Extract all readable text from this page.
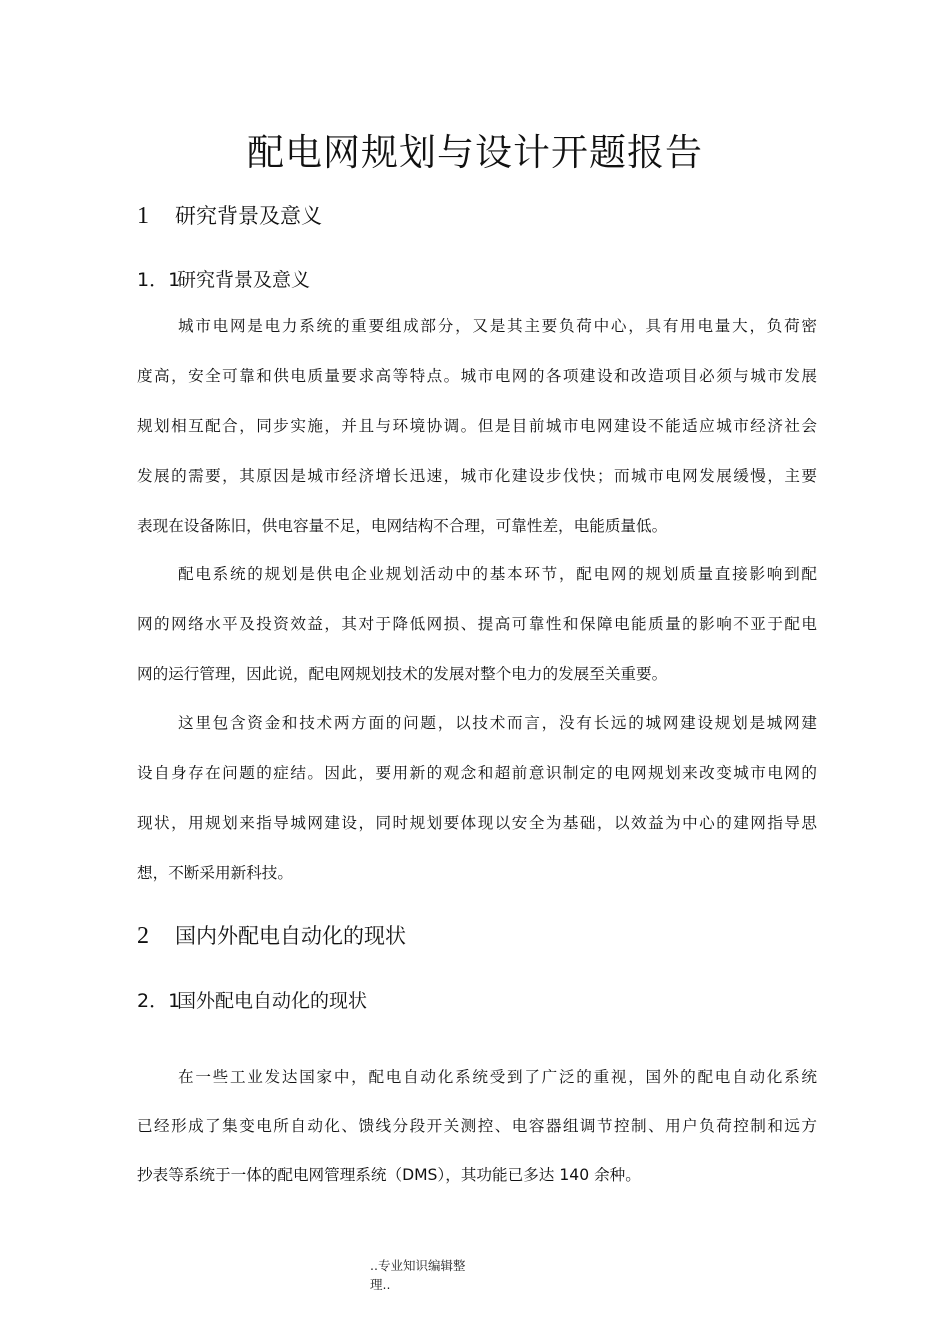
配电网规划与设计开题报告
1 研究背景及意义
1．1研究背景及意义
城市电网是电力系统的重要组成部分，又是其主要负荷中心，具有用电量大，负荷密
度高，安全可靠和供电质量要求高等特点。城市电网的各项建设和改造项目必须与城市发展
规划相互配合，同步实施，并且与环境协调。但是目前城市电网建设不能适应城市经济社会
发展的需要，其原因是城市经济增长迅速，城市化建设步伐快；而城市电网发展缓慢，主要
表现在设备陈旧，供电容量不足，电网结构不合理，可靠性差，电能质量低。
配电系统的规划是供电企业规划活动中的基本环节，配电网的规划质量直接影响到配
网的网络水平及投资效益，其对于降低网损、提高可靠性和保障电能质量的影响不亚于配电
网的运行管理，因此说，配电网规划技术的发展对整个电力的发展至关重要。
这里包含资金和技术两方面的问题，以技术而言，没有长远的城网建设规划是城网建
设自身存在问题的症结。因此，要用新的观念和超前意识制定的电网规划来改变城市电网的
现状，用规划来指导城网建设，同时规划要体现以安全为基础，以效益为中心的建网指导思
想，不断采用新科技。
2 国内外配电自动化的现状
2．1国外配电自动化的现状
在一些工业发达国家中，配电自动化系统受到了广泛的重视，国外的配电自动化系统
已经形成了集变电所自动化、馈线分段开关测控、电容器组调节控制、用户负荷控制和远方
抄表等系统于一体的配电网管理系统（DMS），其功能已多达 140 余种。
..专业知识编辑整
理..
